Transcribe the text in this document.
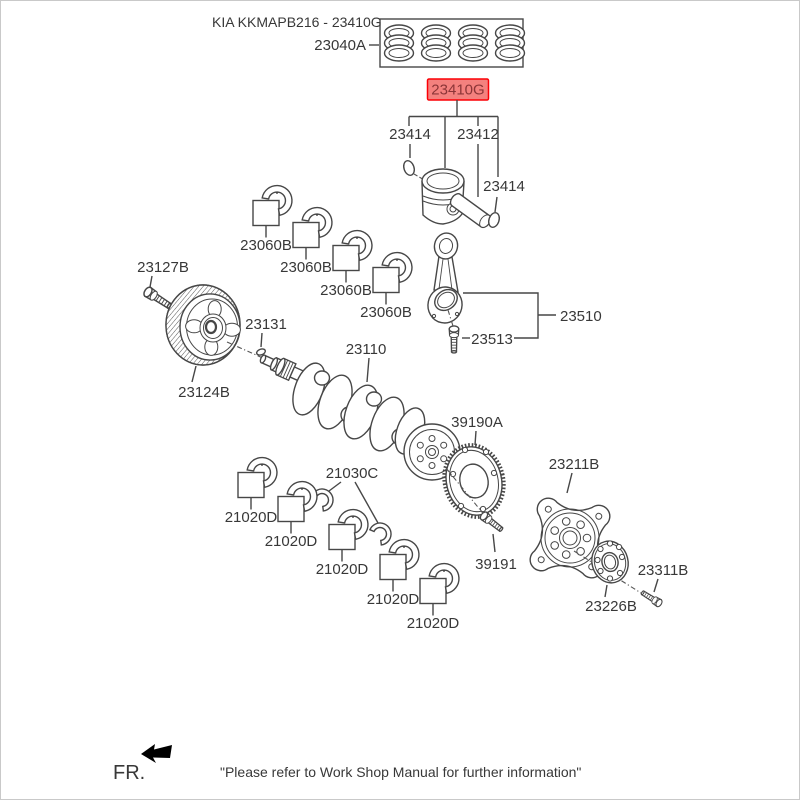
KIA KKMAPB216 - 23410G
23040A
23410G
23414 23412
23414
23510
23513
23060B
23060B
23060B
23060B
23127B
23124B
23131
23110
21030C
21020D
21020D
21020D
21020D
21020D
39190A
39191
23211B
23226B
23311B
FR.	"Please refer to Work Shop Manual for further information"
